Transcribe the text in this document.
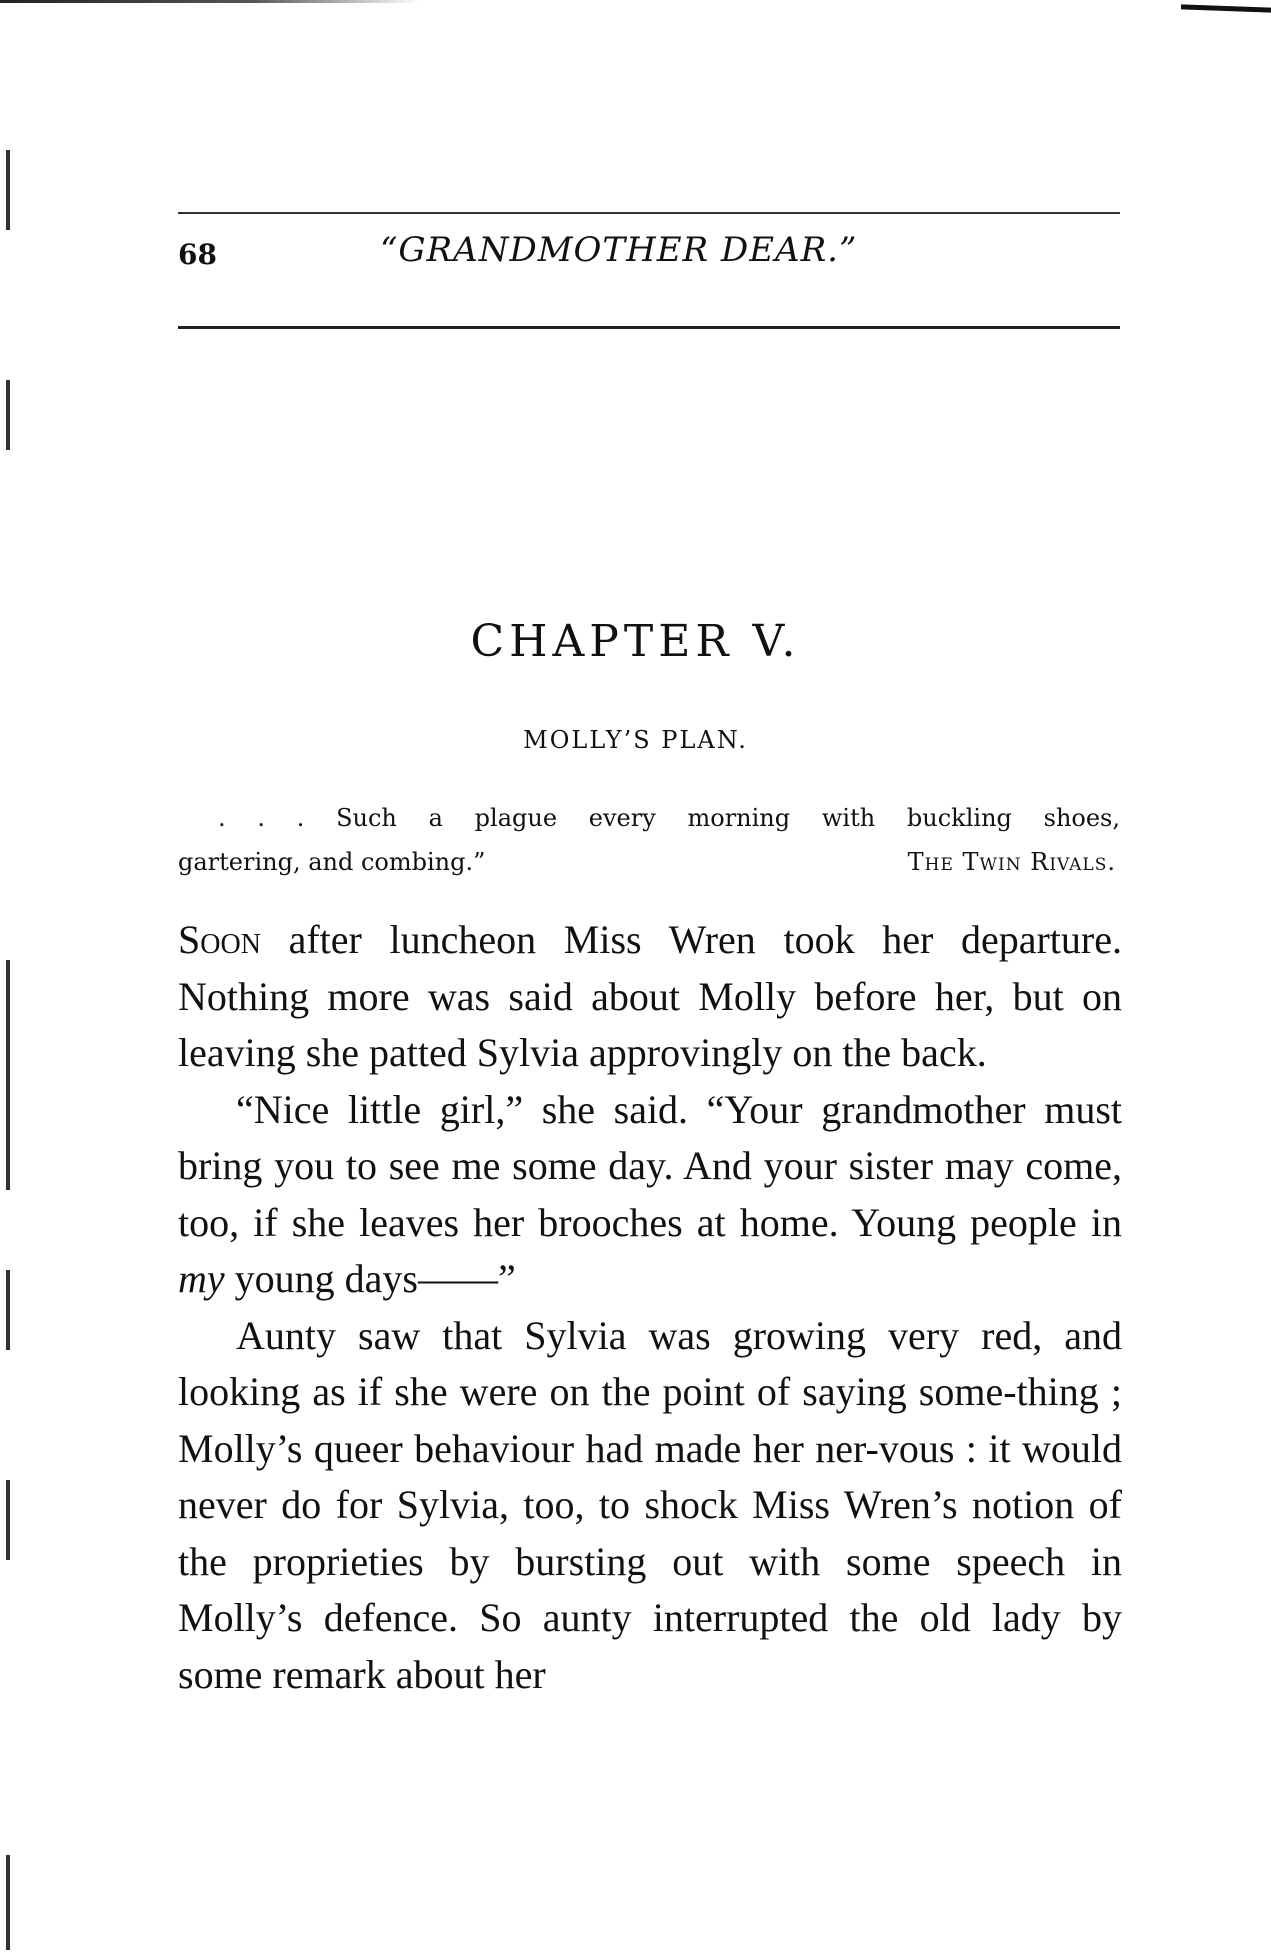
68	“GRANDMOTHER DEAR.”
CHAPTER V.
MOLLY’S PLAN.
. . . Such a plague every morning with buckling shoes,
gartering, and combing.”	The Twin Rivals.

Soon after luncheon Miss Wren took her departure. Nothing more was said about Molly before her, but on leaving she patted Sylvia approvingly on the back.

“Nice little girl,” she said. “Your grandmother must bring you to see me some day. And your sister may come, too, if she leaves her brooches at home. Young people in my young days——”

Aunty saw that Sylvia was growing very red, and looking as if she were on the point of saying some-thing ; Molly’s queer behaviour had made her ner-vous : it would never do for Sylvia, too, to shock Miss Wren’s notion of the proprieties by bursting out with some speech in Molly’s defence. So aunty interrupted the old lady by some remark about her
